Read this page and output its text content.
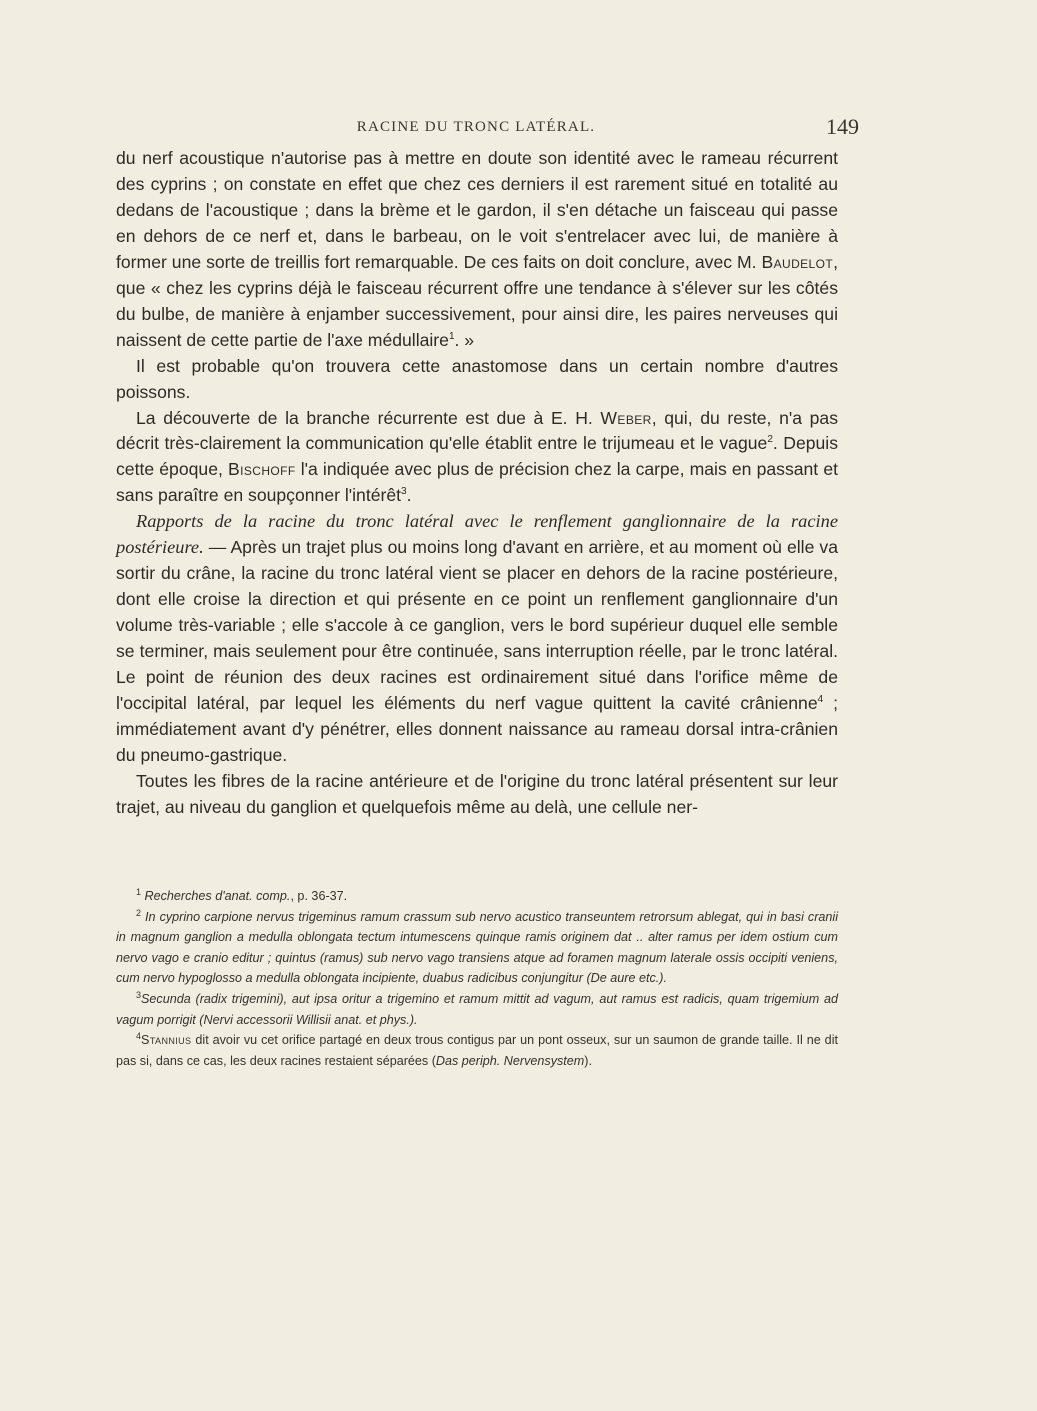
RACINE DU TRONC LATÉRAL.	149

du nerf acoustique n'autorise pas à mettre en doute son identité avec le rameau récurrent des cyprins ; on constate en effet que chez ces derniers il est rarement situé en totalité au dedans de l'acoustique ; dans la brème et le gardon, il s'en détache un faisceau qui passe en dehors de ce nerf et, dans le barbeau, on le voit s'entrelacer avec lui, de manière à former une sorte de treillis fort remarquable. De ces faits on doit conclure, avec M. Baudelot, que « chez les cyprins déjà le faisceau récurrent offre une tendance à s'élever sur les côtés du bulbe, de manière à enjamber successivement, pour ainsi dire, les paires nerveuses qui naissent de cette partie de l'axe médullaire$^1$. »

Il est probable qu'on trouvera cette anastomose dans un certain nombre d'autres poissons.

La découverte de la branche récurrente est due à E. H. Weber, qui, du reste, n'a pas décrit très-clairement la communication qu'elle établit entre le trijumeau et le vague$^2$. Depuis cette époque, Bischoff l'a indiquée avec plus de précision chez la carpe, mais en passant et sans paraître en soupçonner l'intérêt$^3$.

Rapports de la racine du tronc latéral avec le renflement ganglionnaire de la racine postérieure. — Après un trajet plus ou moins long d'avant en arrière, et au moment où elle va sortir du crâne, la racine du tronc latéral vient se placer en dehors de la racine postérieure, dont elle croise la direction et qui présente en ce point un renflement ganglionnaire d'un volume très-variable ; elle s'accole à ce ganglion, vers le bord supérieur duquel elle semble se terminer, mais seulement pour être continuée, sans interruption réelle, par le tronc latéral. Le point de réunion des deux racines est ordinairement situé dans l'orifice même de l'occipital latéral, par lequel les éléments du nerf vague quittent la cavité crânienne$^4$ ; immédiatement avant d'y pénétrer, elles donnent naissance au rameau dorsal intra-crânien du pneumo-gastrique.

Toutes les fibres de la racine antérieure et de l'origine du tronc latéral présentent sur leur trajet, au niveau du ganglion et quelquefois même au delà, une cellule ner-

$^1$ Recherches d'anat. comp., p. 36-37.

$^2$ In cyprino carpione nervus trigeminus ramum crassum sub nervo acustico transeuntem retrorsum ablegat, qui in basi cranii in magnum ganglion a medulla oblongata tectum intumescens quinque ramis originem dat .. alter ramus per idem ostium cum nervo vago e cranio editur ; quintus (ramus) sub nervo vago transiens atque ad foramen magnum laterale ossis occipiti veniens, cum nervo hypoglosso a medulla oblongata incipiente, duabus radicibus conjungitur (De aure etc.).

$^3$Secunda (radix trigemini), aut ipsa oritur a trigemino et ramum mittit ad vagum, aut ramus est radicis, quam trigemium ad vagum porrigit (Nervi accessorii Willisii anat. et phys.).

$^4$Stannius dit avoir vu cet orifice partagé en deux trous contigus par un pont osseux, sur un saumon de grande taille. Il ne dit pas si, dans ce cas, les deux racines restaient séparées (Das periph. Nervensystem).
